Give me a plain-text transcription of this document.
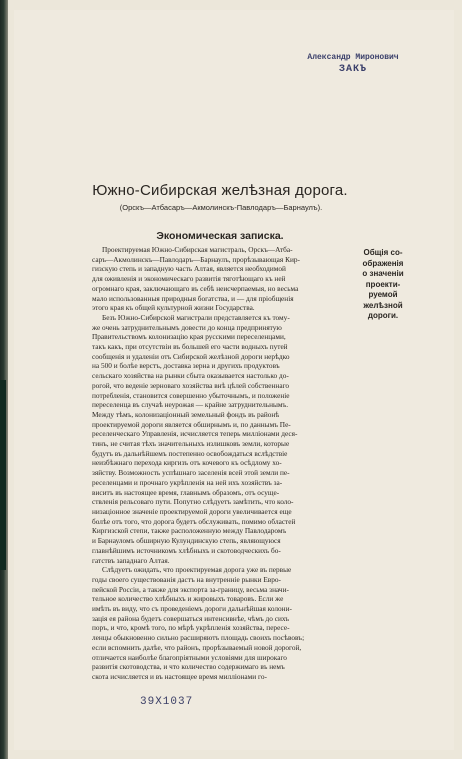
Александр Миронович
ЗАКЪ
Южно-Сибирская желѣзная дорога.
(Орскъ—Атбасаръ—Акмолинскъ-Павлодаръ—Барнаулъ).
Экономическая записка.
Общiя со-
ображенія
о значеніи
проекти-
руемой
желѣзной
дороги.
Проектируемая Южно-Сибирская магистраль, Орскъ—Атба-
саръ—Акмолинскъ—Павлодаръ—Барнаулъ, прорѣзывающая Кир-
гизскую степь и западную часть Алтая, является необходимой
для оживленія и экономическаго развитія тяготѣющаго къ ней
огромнаго края, заключающаго въ себѣ неисчерпаемыя, но весьма
мало использованныя природныя богатства, и — для пріобщенія
этого края къ общей культурной жизни Государства.
Безъ Южно-Сибирской магистрали представляется къ тому-
же очень затруднительнымъ довести до конца предпринятую
Правительствомъ колонизацію края русскими переселенцами,
такъ какъ, при отсутствіи въ большей его части водныхъ путей
сообщенія и удаленіи отъ Сибирской желѣзной дороги нерѣдко
на 500 и болѣе верстъ, доставка зерна и другихъ продуктовъ
сельскаго хозяйства на рынки сбыта оказывается настолько до-
рогой, что веденіе зерноваго хозяйства внѣ цѣлей собственнаго
потребленія, становится совершенно убыточнымъ, и положеніе
переселенца въ случаѣ неурожая — крайне затруднительнымъ.
Между тѣмъ, колонизаціонный земельный фондъ въ районѣ
проектируемой дороги является обширнымъ и, по даннымъ Пе-
реселенческаго Управленія, исчисляется теперь милліонами деся-
тинъ, не считая тѣхъ значительныхъ излишковъ земли, которые
будутъ въ дальнѣйшемъ постепенно освобождаться вслѣдствіе
неизбѣжнаго перехода киргизъ отъ кочевого къ осѣдлому хо-
зяйству. Возможность успѣшнаго заселенія всей этой земли пе-
реселенцами и прочнаго укрѣпленія на ней ихъ хозяйствъ за-
виситъ въ настоящее время, главнымъ образомъ, отъ осуще-
ствленія рельсоваго пути. Попутно слѣдуетъ замѣтить, что коло-
низаціонное значеніе проектируемой дороги увеличивается еще
болѣе отъ того, что дорога будетъ обслуживать, помимо областей
Киргизской степи, также расположенную между Павлодаромъ
и Барнауломъ обширную Кулундинскую степь, являющуюся
главнѣйшимъ источникомъ хлѣбныхъ и скотоводческихъ бо-
гатствъ западнаго Алтая.
Слѣдуетъ ожидать, что проектируемая дорога уже въ первые
годы своего существованія дастъ на внутренніе рынки Евро-
пейской Россіи, а также для экспорта за-границу, весьма значи-
тельное количество хлѣбныхъ и жировыхъ товаровъ. Если же
имѣть въ виду, что съ проведеніемъ дороги дальнѣйшая колони-
зація ея района будетъ совершаться интенсивнѣе, чѣмъ до сихъ
поръ, и что, кромѣ того, по мѣрѣ укрѣпленія хозяйства, пересе-
ленцы обыкновенно сильно расширяютъ площадь своихъ посѣвовъ;
если вспомнить далѣе, что районъ, прорѣзываемый новой дорогой,
отличается наиболѣе благопріятными условіями для широкаго
развитія скотоводства, и что количество содержимаго въ немъ
скота исчисляется и въ настоящее время милліонами го-
39X1037
